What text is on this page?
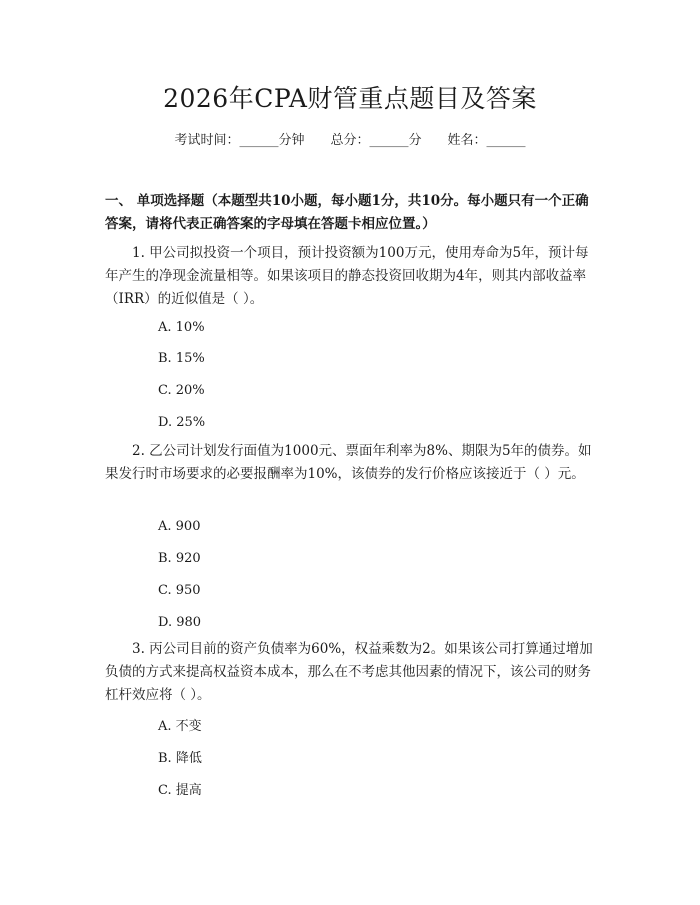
2026年CPA财管重点题目及答案
考试时间：______分钟 总分：______分 姓名：______
一、 单项选择题（本题型共10小题，每小题1分，共10分。每小题只有一个正确答案，请将代表正确答案的字母填在答题卡相应位置。）
1. 甲公司拟投资一个项目，预计投资额为100万元，使用寿命为5年，预计每年产生的净现金流量相等。如果该项目的静态投资回收期为4年，则其内部收益率（IRR）的近似值是（ ）。
A. 10%
B. 15%
C. 20%
D. 25%
2. 乙公司计划发行面值为1000元、票面年利率为8%、期限为5年的债券。如果发行时市场要求的必要报酬率为10%，该债券的发行价格应该接近于（ ）元。
A. 900
B. 920
C. 950
D. 980
3. 丙公司目前的资产负债率为60%，权益乘数为2。如果该公司打算通过增加负债的方式来提高权益资本成本，那么在不考虑其他因素的情况下，该公司的财务杠杆效应将（ ）。
A. 不变
B. 降低
C. 提高
